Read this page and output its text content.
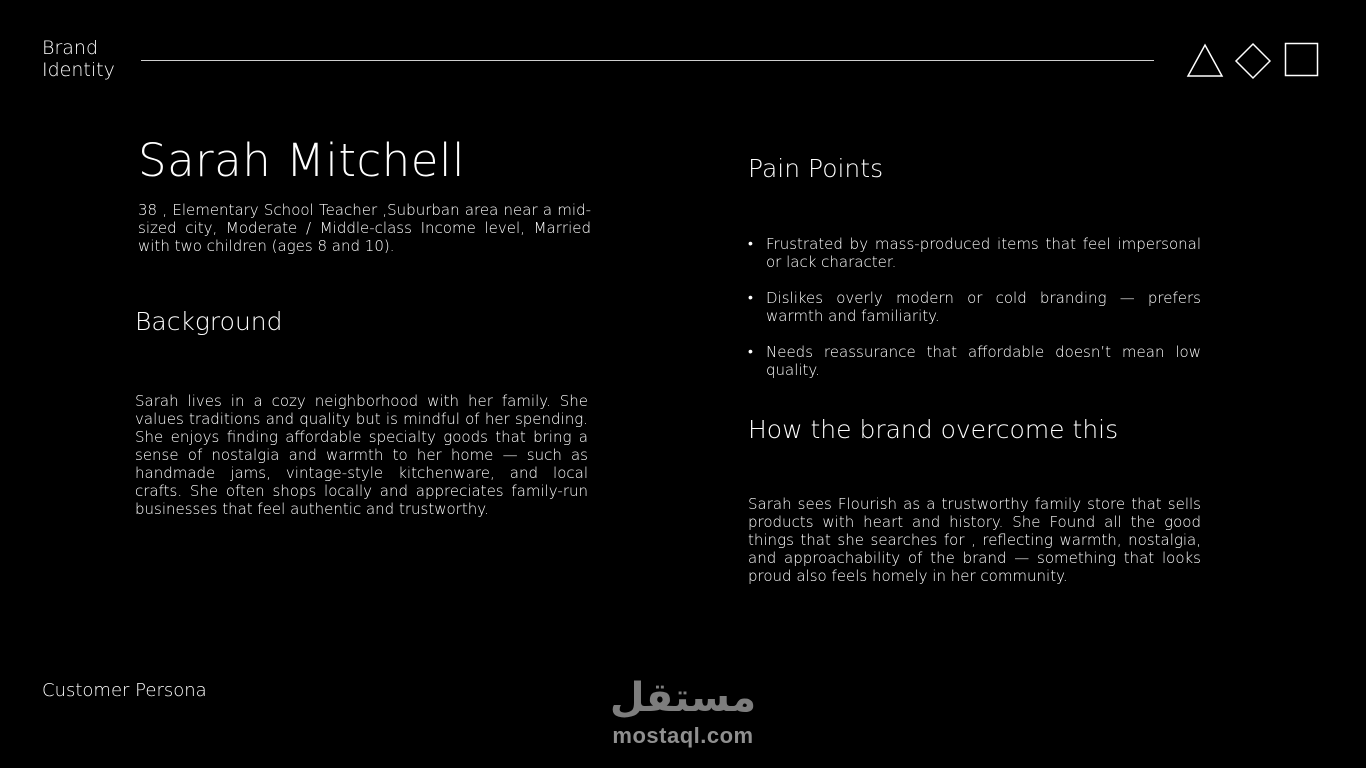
Brand Identity
Sarah Mitchell
38 , Elementary School Teacher ,Suburban area near a mid-sized city, Moderate / Middle-class Income level, Married with two children (ages 8 and 10).
Background
Sarah lives in a cozy neighborhood with her family. She values traditions and quality but is mindful of her spending. She enjoys finding affordable specialty goods that bring a sense of nostalgia and warmth to her home — such as handmade jams, vintage-style kitchenware, and local crafts. She often shops locally and appreciates family-run businesses that feel authentic and trustworthy.
Pain Points
• Frustrated by mass-produced items that feel impersonal or lack character.
• Dislikes overly modern or cold branding — prefers warmth and familiarity.
• Needs reassurance that affordable doesn’t mean low quality.
How the brand overcome this
Sarah sees Flourish as a trustworthy family store that sells products with heart and history. She Found all the good things that she searches for , reflecting warmth, nostalgia, and approachability of the brand — something that looks proud also feels homely in her community.
Customer Persona	مستقل
mostaql.com
